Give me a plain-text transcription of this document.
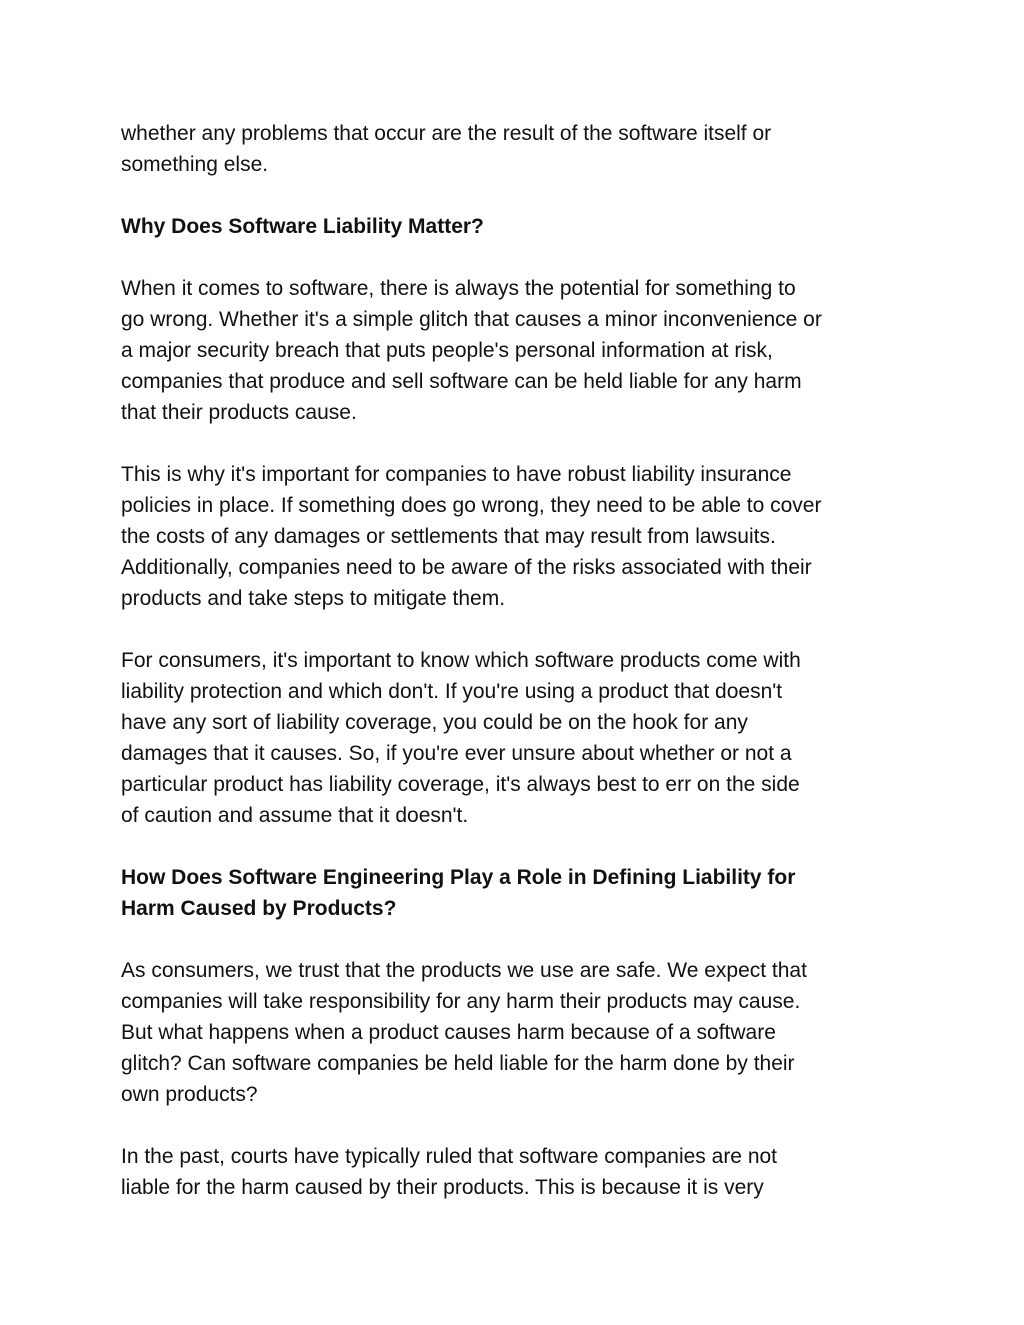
whether any problems that occur are the result of the software itself or
something else.
Why Does Software Liability Matter?
When it comes to software, there is always the potential for something to
go wrong. Whether it's a simple glitch that causes a minor inconvenience or
a major security breach that puts people's personal information at risk,
companies that produce and sell software can be held liable for any harm
that their products cause.
This is why it's important for companies to have robust liability insurance
policies in place. If something does go wrong, they need to be able to cover
the costs of any damages or settlements that may result from lawsuits.
Additionally, companies need to be aware of the risks associated with their
products and take steps to mitigate them.
For consumers, it's important to know which software products come with
liability protection and which don't. If you're using a product that doesn't
have any sort of liability coverage, you could be on the hook for any
damages that it causes. So, if you're ever unsure about whether or not a
particular product has liability coverage, it's always best to err on the side
of caution and assume that it doesn't.
How Does Software Engineering Play a Role in Defining Liability for
Harm Caused by Products?
As consumers, we trust that the products we use are safe. We expect that
companies will take responsibility for any harm their products may cause.
But what happens when a product causes harm because of a software
glitch? Can software companies be held liable for the harm done by their
own products?
In the past, courts have typically ruled that software companies are not
liable for the harm caused by their products. This is because it is very
